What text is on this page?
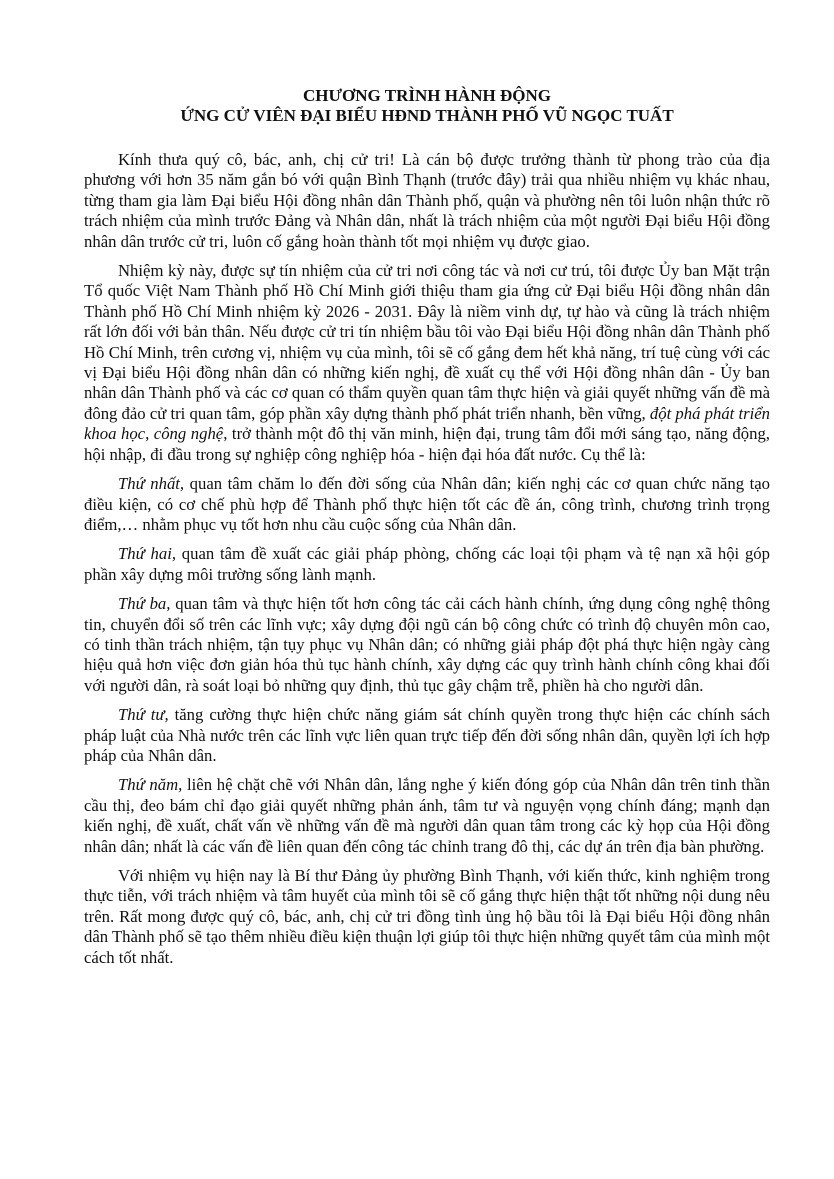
CHƯƠNG TRÌNH HÀNH ĐỘNG
ỨNG CỬ VIÊN ĐẠI BIỂU HĐND THÀNH PHỐ VŨ NGỌC TUẤT

Kính thưa quý cô, bác, anh, chị cử tri! Là cán bộ được trưởng thành từ phong trào của địa phương với hơn 35 năm gắn bó với quận Bình Thạnh (trước đây) trải qua nhiều nhiệm vụ khác nhau, từng tham gia làm Đại biểu Hội đồng nhân dân Thành phố, quận và phường nên tôi luôn nhận thức rõ trách nhiệm của mình trước Đảng và Nhân dân, nhất là trách nhiệm của một người Đại biểu Hội đồng nhân dân trước cử tri, luôn cố gắng hoàn thành tốt mọi nhiệm vụ được giao.

Nhiệm kỳ này, được sự tín nhiệm của cử tri nơi công tác và nơi cư trú, tôi được Ủy ban Mặt trận Tổ quốc Việt Nam Thành phố Hồ Chí Minh giới thiệu tham gia ứng cử Đại biểu Hội đồng nhân dân Thành phố Hồ Chí Minh nhiệm kỳ 2026 - 2031. Đây là niềm vinh dự, tự hào và cũng là trách nhiệm rất lớn đối với bản thân. Nếu được cử tri tín nhiệm bầu tôi vào Đại biểu Hội đồng nhân dân Thành phố Hồ Chí Minh, trên cương vị, nhiệm vụ của mình, tôi sẽ cố gắng đem hết khả năng, trí tuệ cùng với các vị Đại biểu Hội đồng nhân dân có những kiến nghị, đề xuất cụ thể với Hội đồng nhân dân - Ủy ban nhân dân Thành phố và các cơ quan có thẩm quyền quan tâm thực hiện và giải quyết những vấn đề mà đông đảo cử tri quan tâm, góp phần xây dựng thành phố phát triển nhanh, bền vững, đột phá phát triển khoa học, công nghệ, trở thành một đô thị văn minh, hiện đại, trung tâm đổi mới sáng tạo, năng động, hội nhập, đi đầu trong sự nghiệp công nghiệp hóa - hiện đại hóa đất nước. Cụ thể là:

Thứ nhất, quan tâm chăm lo đến đời sống của Nhân dân; kiến nghị các cơ quan chức năng tạo điều kiện, có cơ chế phù hợp để Thành phố thực hiện tốt các đề án, công trình, chương trình trọng điểm,… nhằm phục vụ tốt hơn nhu cầu cuộc sống của Nhân dân.

Thứ hai, quan tâm đề xuất các giải pháp phòng, chống các loại tội phạm và tệ nạn xã hội góp phần xây dựng môi trường sống lành mạnh.

Thứ ba, quan tâm và thực hiện tốt hơn công tác cải cách hành chính, ứng dụng công nghệ thông tin, chuyển đổi số trên các lĩnh vực; xây dựng đội ngũ cán bộ công chức có trình độ chuyên môn cao, có tinh thần trách nhiệm, tận tụy phục vụ Nhân dân; có những giải pháp đột phá thực hiện ngày càng hiệu quả hơn việc đơn giản hóa thủ tục hành chính, xây dựng các quy trình hành chính công khai đối với người dân, rà soát loại bỏ những quy định, thủ tục gây chậm trễ, phiền hà cho người dân.

Thứ tư, tăng cường thực hiện chức năng giám sát chính quyền trong thực hiện các chính sách pháp luật của Nhà nước trên các lĩnh vực liên quan trực tiếp đến đời sống nhân dân, quyền lợi ích hợp pháp của Nhân dân.

Thứ năm, liên hệ chặt chẽ với Nhân dân, lắng nghe ý kiến đóng góp của Nhân dân trên tinh thần cầu thị, đeo bám chỉ đạo giải quyết những phản ánh, tâm tư và nguyện vọng chính đáng; mạnh dạn kiến nghị, đề xuất, chất vấn về những vấn đề mà người dân quan tâm trong các kỳ họp của Hội đồng nhân dân; nhất là các vấn đề liên quan đến công tác chỉnh trang đô thị, các dự án trên địa bàn phường.

Với nhiệm vụ hiện nay là Bí thư Đảng ủy phường Bình Thạnh, với kiến thức, kinh nghiệm trong thực tiễn, với trách nhiệm và tâm huyết của mình tôi sẽ cố gắng thực hiện thật tốt những nội dung nêu trên. Rất mong được quý cô, bác, anh, chị cử tri đồng tình ủng hộ bầu tôi là Đại biểu Hội đồng nhân dân Thành phố sẽ tạo thêm nhiều điều kiện thuận lợi giúp tôi thực hiện những quyết tâm của mình một cách tốt nhất.
